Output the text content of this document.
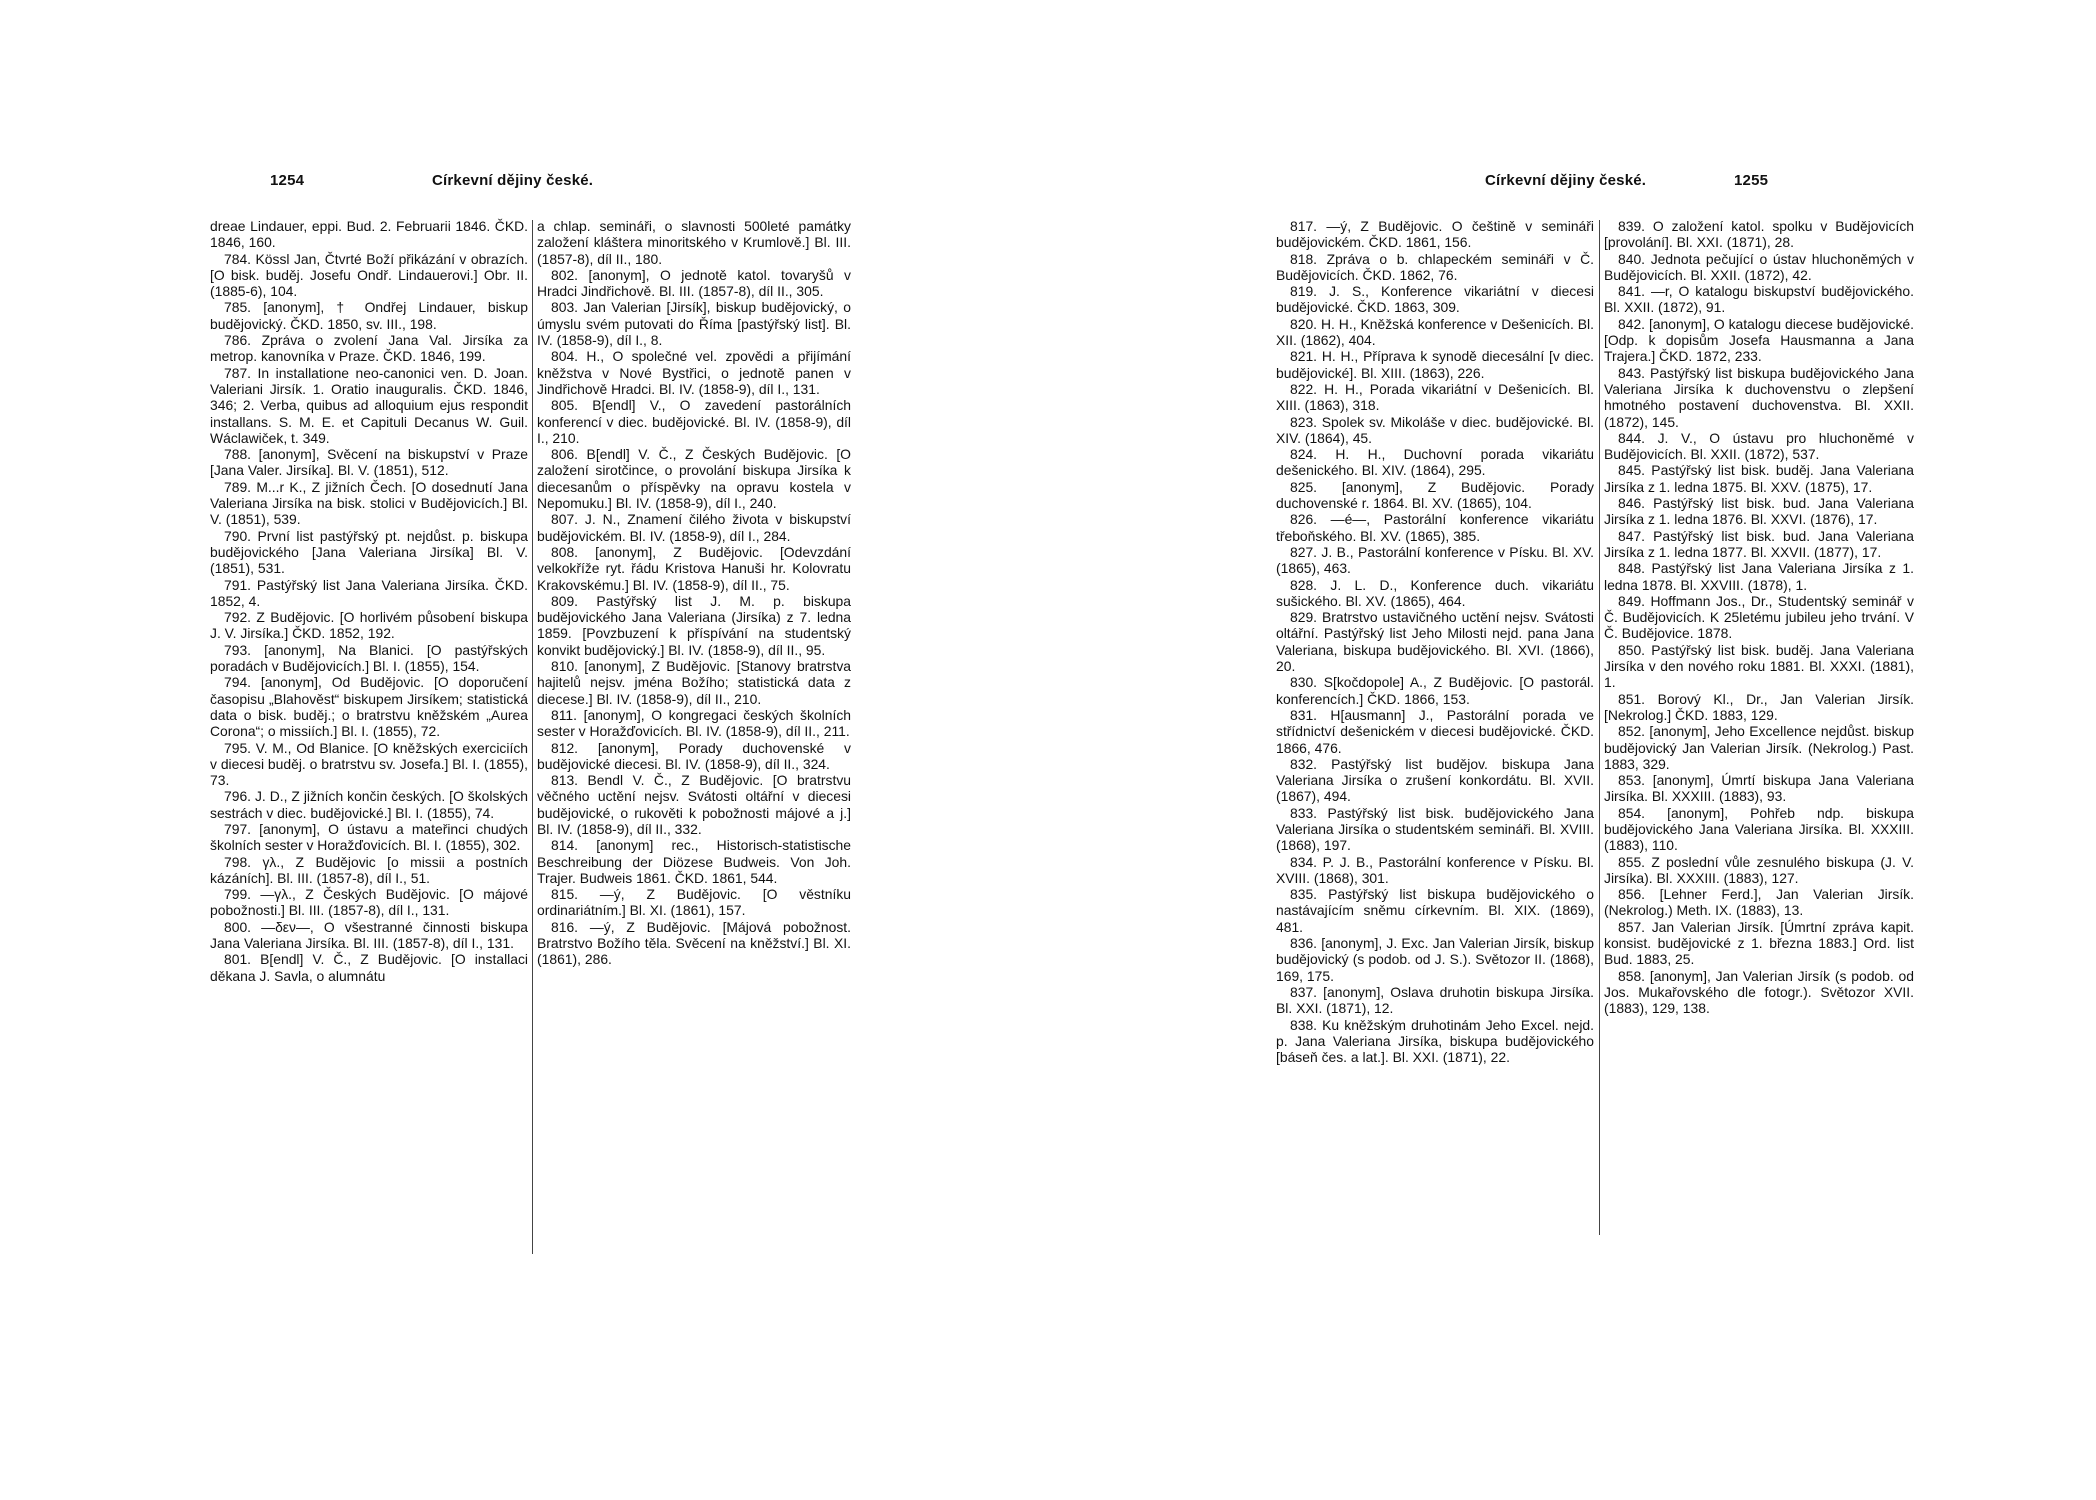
1254	Církevní dějiny české.

dreae Lindauer, eppi. Bud. 2. Februarii 1846. ČKD. 1846, 160.

784. Kössl Jan, Čtvrté Boží přikázání v obrazích. [O bisk. buděj. Josefu Ondř. Lindauerovi.] Obr. II. (1885-6), 104.

785. [anonym], † Ondřej Lindauer, biskup budějovický. ČKD. 1850, sv. III., 198.

786. Zpráva o zvolení Jana Val. Jirsíka za metrop. kanovníka v Praze. ČKD. 1846, 199.

787. In installatione neo-canonici ven. D. Joan. Valeriani Jirsík. 1. Oratio inauguralis. ČKD. 1846, 346; 2. Verba, quibus ad alloquium ejus respondit installans. S. M. E. et Capituli Decanus W. Guil. Wáclawiček, t. 349.

788. [anonym], Svěcení na biskupství v Praze [Jana Valer. Jirsíka]. Bl. V. (1851), 512.

789. M...r K., Z jižních Čech. [O dosednutí Jana Valeriana Jirsíka na bisk. stolici v Budějovicích.] Bl. V. (1851), 539.

790. První list pastýřský pt. nejdůst. p. biskupa budějovického [Jana Valeriana Jirsíka] Bl. V. (1851), 531.

791. Pastýřský list Jana Valeriana Jirsíka. ČKD. 1852, 4.

792. Z Budějovic. [O horlivém působení biskupa J. V. Jirsíka.] ČKD. 1852, 192.

793. [anonym], Na Blanici. [O pastýřských poradách v Budějovicích.] Bl. I. (1855), 154.

794. [anonym], Od Budějovic. [O doporučení časopisu „Blahověst“ biskupem Jirsíkem; statistická data o bisk. buděj.; o bratrstvu kněžském „Aurea Corona“; o missiích.] Bl. I. (1855), 72.

795. V. M., Od Blanice. [O kněžských exerciciích v diecesi buděj. o bratrstvu sv. Josefa.] Bl. I. (1855), 73.

796. J. D., Z jižních končin českých. [O školských sestrách v diec. budějovické.] Bl. I. (1855), 74.

797. [anonym], O ústavu a mateřinci chudých školních sester v Horažďovicích. Bl. I. (1855), 302.

798. γλ., Z Budějovic [o missii a postních kázáních]. Bl. III. (1857-8), díl I., 51.

799. —γλ., Z Českých Budějovic. [O májové pobožnosti.] Bl. III. (1857-8), díl I., 131.

800. —δεν—, O všestranné činnosti biskupa Jana Valeriana Jirsíka. Bl. III. (1857-8), díl I., 131.

801. B[endl] V. Č., Z Budějovic. [O installaci děkana J. Savla, o alumnátu

a chlap. semináři, o slavnosti 500leté památky založení kláštera minoritského v Krumlově.] Bl. III. (1857-8), díl II., 180.

802. [anonym], O jednotě katol. tovaryšů v Hradci Jindřichově. Bl. III. (1857-8), díl II., 305.

803. Jan Valerian [Jirsík], biskup budějovický, o úmyslu svém putovati do Říma [pastýřský list]. Bl. IV. (1858-9), díl I., 8.

804. H., O společné vel. zpovědi a přijímání kněžstva v Nové Bystřici, o jednotě panen v Jindřichově Hradci. Bl. IV. (1858-9), díl I., 131.

805. B[endl] V., O zavedení pastorálních konferencí v diec. budějovické. Bl. IV. (1858-9), díl I., 210.

806. B[endl] V. Č., Z Českých Budějovic. [O založení sirotčince, o provolání biskupa Jirsíka k diecesanům o příspěvky na opravu kostela v Nepomuku.] Bl. IV. (1858-9), díl I., 240.

807. J. N., Znamení čilého života v biskupství budějovickém. Bl. IV. (1858-9), díl I., 284.

808. [anonym], Z Budějovic. [Odevzdání velkokříže ryt. řádu Kristova Hanuši hr. Kolovratu Krakovskému.] Bl. IV. (1858-9), díl II., 75.

809. Pastýřský list J. M. p. biskupa budějovického Jana Valeriana (Jirsíka) z 7. ledna 1859. [Povzbuzení k příspívání na studentský konvikt budějovický.] Bl. IV. (1858-9), díl II., 95.

810. [anonym], Z Budějovic. [Stanovy bratrstva hajitelů nejsv. jména Božího; statistická data z diecese.] Bl. IV. (1858-9), díl II., 210.

811. [anonym], O kongregaci českých školních sester v Horažďovicích. Bl. IV. (1858-9), díl II., 211.

812. [anonym], Porady duchovenské v budějovické diecesi. Bl. IV. (1858-9), díl II., 324.

813. Bendl V. Č., Z Budějovic. [O bratrstvu věčného uctění nejsv. Svátosti oltářní v diecesi budějovické, o rukověti k pobožnosti májové a j.] Bl. IV. (1858-9), díl II., 332.

814. [anonym] rec., Historisch-statistische Beschreibung der Diözese Budweis. Von Joh. Trajer. Budweis 1861. ČKD. 1861, 544.

815. —ý, Z Budějovic. [O věstníku ordinariátním.] Bl. XI. (1861), 157.

816. —ý, Z Budějovic. [Májová pobožnost. Bratrstvo Božího těla. Svěcení na kněžství.] Bl. XI. (1861), 286.

Církevní dějiny české.	1255

817. —ý, Z Budějovic. O češtině v semináři budějovickém. ČKD. 1861, 156.

818. Zpráva o b. chlapeckém semináři v Č. Budějovicích. ČKD. 1862, 76.

819. J. S., Konference vikariátní v diecesi budějovické. ČKD. 1863, 309.

820. H. H., Kněžská konference v Dešenicích. Bl. XII. (1862), 404.

821. H. H., Příprava k synodě diecesální [v diec. budějovické]. Bl. XIII. (1863), 226.

822. H. H., Porada vikariátní v Dešenicích. Bl. XIII. (1863), 318.

823. Spolek sv. Mikoláše v diec. budějovické. Bl. XIV. (1864), 45.

824. H. H., Duchovní porada vikariátu dešenického. Bl. XIV. (1864), 295.

825. [anonym], Z Budějovic. Porady duchovenské r. 1864. Bl. XV. (1865), 104.

826. —é—, Pastorální konference vikariátu třeboňského. Bl. XV. (1865), 385.

827. J. B., Pastorální konference v Písku. Bl. XV. (1865), 463.

828. J. L. D., Konference duch. vikariátu sušického. Bl. XV. (1865), 464.

829. Bratrstvo ustavičného uctění nejsv. Svátosti oltářní. Pastýřský list Jeho Milosti nejd. pana Jana Valeriana, biskupa budějovického. Bl. XVI. (1866), 20.

830. S[kočdopole] A., Z Budějovic. [O pastorál. konferencích.] ČKD. 1866, 153.

831. H[ausmann] J., Pastorální porada ve střídnictví dešenickém v diecesi budějovické. ČKD. 1866, 476.

832. Pastýřský list budějov. biskupa Jana Valeriana Jirsíka o zrušení konkordátu. Bl. XVII. (1867), 494.

833. Pastýřský list bisk. budějovického Jana Valeriana Jirsíka o studentském semináři. Bl. XVIII. (1868), 197.

834. P. J. B., Pastorální konference v Písku. Bl. XVIII. (1868), 301.

835. Pastýřský list biskupa budějovického o nastávajícím sněmu církevním. Bl. XIX. (1869), 481.

836. [anonym], J. Exc. Jan Valerian Jirsík, biskup budějovický (s podob. od J. S.). Světozor II. (1868), 169, 175.

837. [anonym], Oslava druhotin biskupa Jirsíka. Bl. XXI. (1871), 12.

838. Ku kněžským druhotinám Jeho Excel. nejd. p. Jana Valeriana Jirsíka, biskupa budějovického [báseň čes. a lat.]. Bl. XXI. (1871), 22.

839. O založení katol. spolku v Budějovicích [provolání]. Bl. XXI. (1871), 28.

840. Jednota pečující o ústav hluchoněmých v Budějovicích. Bl. XXII. (1872), 42.

841. —r, O katalogu biskupství budějovického. Bl. XXII. (1872), 91.

842. [anonym], O katalogu diecese budějovické. [Odp. k dopisům Josefa Hausmanna a Jana Trajera.] ČKD. 1872, 233.

843. Pastýřský list biskupa budějovického Jana Valeriana Jirsíka k duchovenstvu o zlepšení hmotného postavení duchovenstva. Bl. XXII. (1872), 145.

844. J. V., O ústavu pro hluchoněmé v Budějovicích. Bl. XXII. (1872), 537.

845. Pastýřský list bisk. buděj. Jana Valeriana Jirsíka z 1. ledna 1875. Bl. XXV. (1875), 17.

846. Pastýřský list bisk. bud. Jana Valeriana Jirsíka z 1. ledna 1876. Bl. XXVI. (1876), 17.

847. Pastýřský list bisk. bud. Jana Valeriana Jirsíka z 1. ledna 1877. Bl. XXVII. (1877), 17.

848. Pastýřský list Jana Valeriana Jirsíka z 1. ledna 1878. Bl. XXVIII. (1878), 1.

849. Hoffmann Jos., Dr., Studentský seminář v Č. Budějovicích. K 25letému jubileu jeho trvání. V Č. Budějovice. 1878.

850. Pastýřský list bisk. buděj. Jana Valeriana Jirsíka v den nového roku 1881. Bl. XXXI. (1881), 1.

851. Borový Kl., Dr., Jan Valerian Jirsík. [Nekrolog.] ČKD. 1883, 129.

852. [anonym], Jeho Excellence nejdůst. biskup budějovický Jan Valerian Jirsík. (Nekrolog.) Past. 1883, 329.

853. [anonym], Úmrtí biskupa Jana Valeriana Jirsíka. Bl. XXXIII. (1883), 93.

854. [anonym], Pohřeb ndp. biskupa budějovického Jana Valeriana Jirsíka. Bl. XXXIII. (1883), 110.

855. Z poslední vůle zesnulého biskupa (J. V. Jirsíka). Bl. XXXIII. (1883), 127.

856. [Lehner Ferd.], Jan Valerian Jirsík. (Nekrolog.) Meth. IX. (1883), 13.

857. Jan Valerian Jirsík. [Úmrtní zpráva kapit. konsist. budějovické z 1. března 1883.] Ord. list Bud. 1883, 25.

858. [anonym], Jan Valerian Jirsík (s podob. od Jos. Mukařovského dle fotogr.). Světozor XVII. (1883), 129, 138.
